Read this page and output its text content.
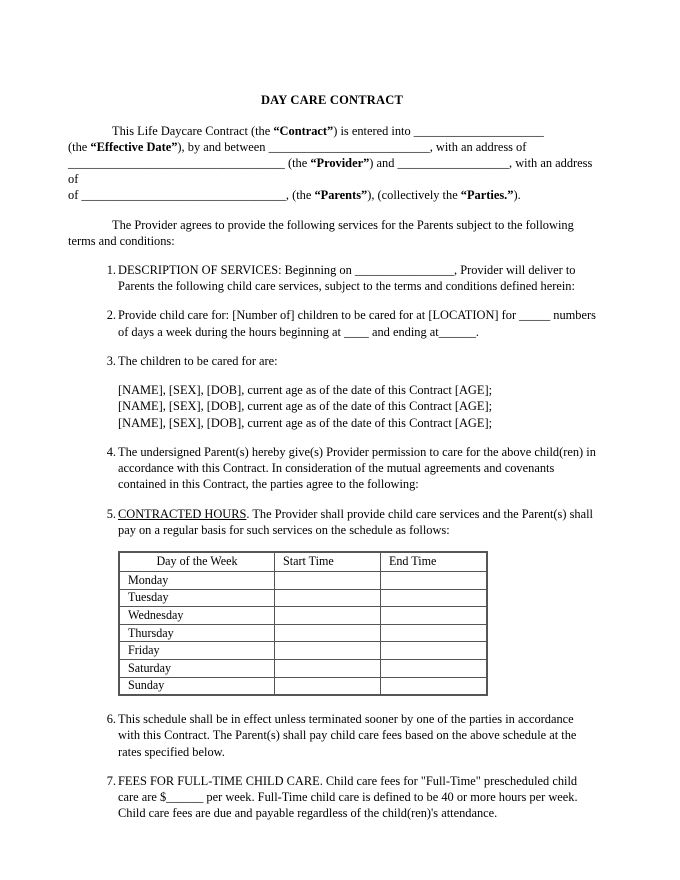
DAY CARE CONTRACT

This Life Daycare Contract (the “Contract”) is entered into _____________________
(the “Effective Date”), by and between __________________________, with an address of
___________________________________ (the “Provider”) and __________________, with an address of
of _________________________________, (the “Parents”), (collectively the “Parties.”).

The Provider agrees to provide the following services for the Parents subject to the following terms and conditions:

1. DESCRIPTION OF SERVICES: Beginning on ________________, Provider will deliver to Parents the following child care services, subject to the terms and conditions defined herein:
2. Provide child care for: [Number of] children to be cared for at [LOCATION] for _____ numbers of days a week during the hours beginning at ____ and ending at______.
3. The children to be cared for are:
[NAME], [SEX], [DOB], current age as of the date of this Contract [AGE];
[NAME], [SEX], [DOB], current age as of the date of this Contract [AGE];
[NAME], [SEX], [DOB], current age as of the date of this Contract [AGE];
4. The undersigned Parent(s) hereby give(s) Provider permission to care for the above child(ren) in accordance with this Contract. In consideration of the mutual agreements and covenants contained in this Contract, the parties agree to the following:
5. CONTRACTED HOURS. The Provider shall provide child care services and the Parent(s) shall pay on a regular basis for such services on the schedule as follows:
Day of the Week	Start Time	End Time
Monday		
Tuesday		
Wednesday		
Thursday		
Friday		
Saturday		
Sunday		
6. This schedule shall be in effect unless terminated sooner by one of the parties in accordance with this Contract. The Parent(s) shall pay child care fees based on the above schedule at the rates specified below.
7. FEES FOR FULL-TIME CHILD CARE. Child care fees for "Full-Time" prescheduled child care are $______ per week. Full-Time child care is defined to be 40 or more hours per week. Child care fees are due and payable regardless of the child(ren)'s attendance.
